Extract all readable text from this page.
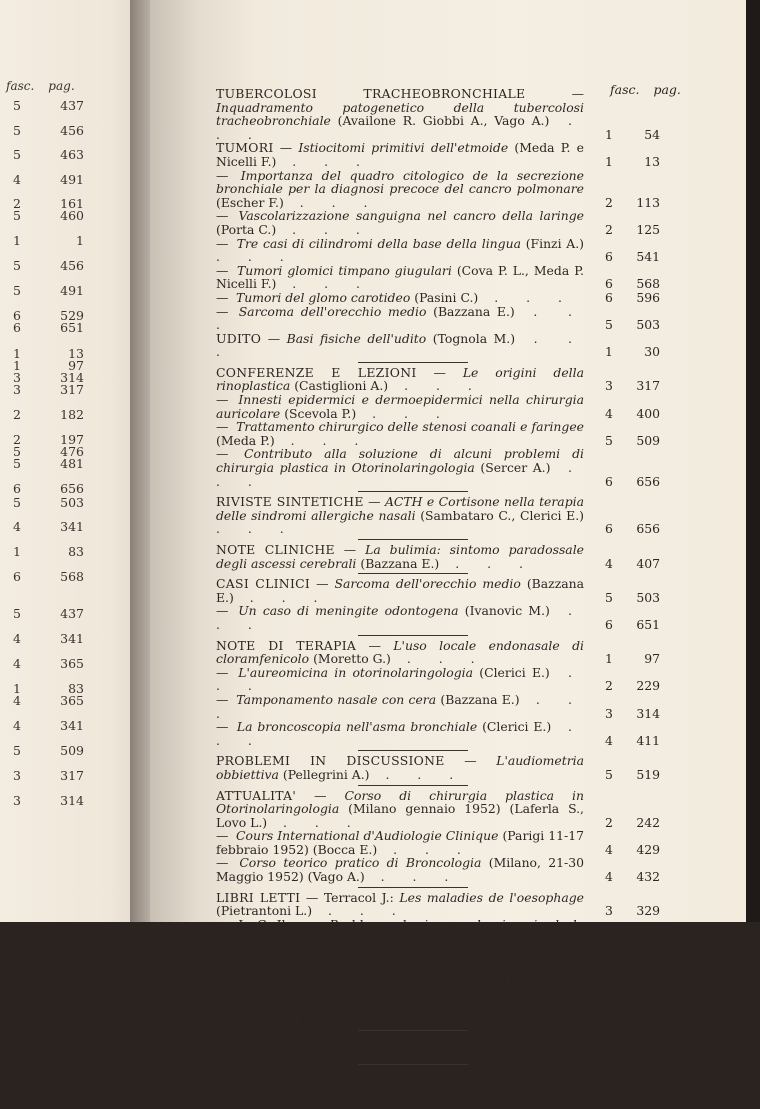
fasc. pag.
5	437
5	456
5	463
4	491
2	161
5	460
1	1
5	456
5	491
6	529
6	651
1	13
1	97
3	314
3	317
2	182
2	197
5	476
5	481
6	656
5	503
4	341
1	83
6	568
5	437
4	341
4	365
1	83
4	365
4	341
5	509
3	317
3	314
fasc. pag.
TUBERCOLOSI TRACHEOBRONCHIALE — Inquadramento patogenetico della tubercolosi tracheobronchiale (Availone R. Giobbi A., Vago A.) . . .	1	54
TUMORI — Istiocitomi primitivi dell'etmoide (Meda P. e Nicelli F.) . . .	1	13
— Importanza del quadro citologico de la secrezione bronchiale per la diagnosi precoce del cancro polmonare (Escher F.) . . .	2	113
— Vascolarizzazione sanguigna nel cancro della laringe (Porta C.) . . .	2	125
— Tre casi di cilindromi della base della lingua (Finzi A.) . . .	6	541
— Tumori glomici timpano giugulari (Cova P. L., Meda P. Nicelli F.) . . .	6	568
— Tumori del glomo carotideo (Pasini C.) . . .	6	596
— Sarcoma dell'orecchio medio (Bazzana E.) . . .	5	503
UDITO — Basi fisiche dell'udito (Tognola M.) . . .	1	30
CONFERENZE E LEZIONI — Le origini della rinoplastica (Castiglioni A.) . . .	3	317
— Innesti epidermici e dermoepidermici nella chirurgia auricolare (Scevola P.) . . .	4	400
— Trattamento chirurgico delle stenosi coanali e faringee (Meda P.) . . .	5	509
— Contributo alla soluzione di alcuni problemi di chirurgia plastica in Otorinolaringologia (Sercer A.) . . .	6	656
RIVISTE SINTETICHE — ACTH e Cortisone nella terapia delle sindromi allergiche nasali (Sambataro C., Clerici E.) . . .	6	656
NOTE CLINICHE — La bulimia: sintomo paradossale degli ascessi cerebrali (Bazzana E.) . . .	4	407
CASI CLINICI — Sarcoma dell'orecchio medio (Bazzana E.) . . .	5	503
— Un caso di meningite odontogena (Ivanovic M.) . . .	6	651
NOTE DI TERAPIA — L'uso locale endonasale di cloramfenicolo (Moretto G.) . . .	1	97
— L'aureomicina in otorinolaringologia (Clerici E.) . . .	2	229
— Tamponamento nasale con cera (Bazzana E.) . . .	3	314
— La broncoscopia nell'asma bronchiale (Clerici E.) . . .	4	411
PROBLEMI IN DISCUSSIONE — L'audiometria obbiettiva (Pellegrini A.) . . .	5	519
ATTUALITA' — Corso di chirurgia plastica in Otorinolaringologia (Milano gennaio 1952) (Laferla S., Lovo L.) . . .	2	242
— Cours International d'Audiologie Clinique (Parigi 11-17 febbraio 1952) (Bocca E.) . . .	4	429
— Corso teorico pratico di Broncologia (Milano, 21-30 Maggio 1952) (Vago A.) . . .	4	432
LIBRI LETTI — Terracol J.: Les maladies de l'oesophage (Pietrantoni L.) . . .	3	329
— L. G. Ibanez: Problemas basicos en la cirurgia de la sordera otoesclerosa (Pietrantoni L.) . . .	4	417
— F. A. Pickworth: New outlook on mental diseases (Monti P. C.) . . .	4	418
— J. E. Fournier: Audiométrie vocale (Pellegrini A.) . . .	4	419
— J. Terracol, A. Corone, J. Guerrier: La trompe d'Eustache (Pietrantoni L.) . . .	4	421
NECROLOGI — Prof. Karl Kofler (Denk A.) . . .	3	340
— Prof. K. Amersbach (Red.) . . .	4	436
CONGRESSI — Congr. Austriaco d'otorinolaringologia (Majer E. H.) . . .	1	101
— Symposium di foniatria (Agazzi C.) . . .	1	101
